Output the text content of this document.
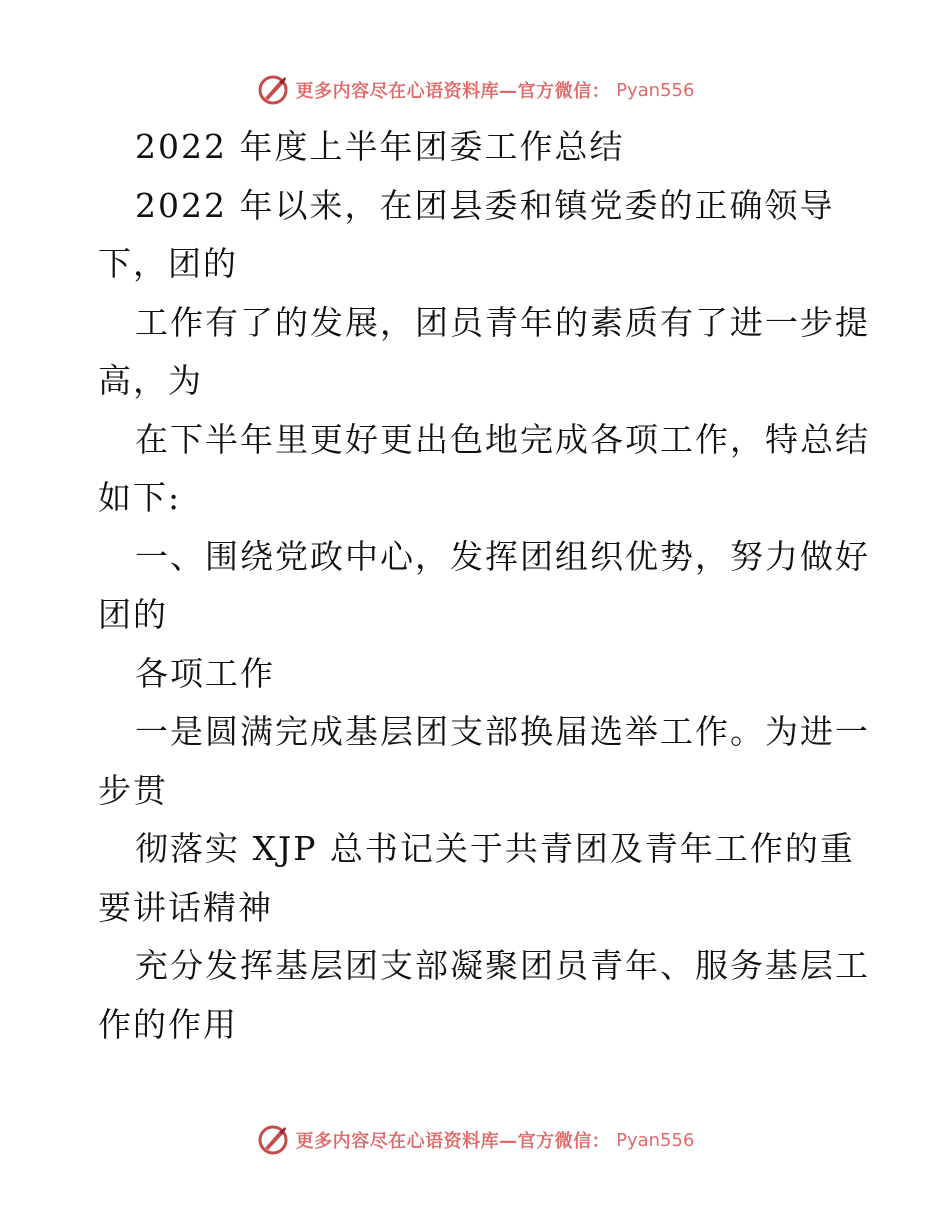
更多内容尽在心语资料库—官方微信： Pyan556
2022 年度上半年团委工作总结
2022 年以来，在团县委和镇党委的正确领导
下，团的
工作有了的发展，团员青年的素质有了进一步提
高，为
在下半年里更好更出色地完成各项工作，特总结
如下:
一、围绕党政中心，发挥团组织优势，努力做好
团的
各项工作
一是圆满完成基层团支部换届选举工作。为进一
步贯
彻落实 XJP 总书记关于共青团及青年工作的重
要讲话精神
充分发挥基层团支部凝聚团员青年、服务基层工
作的作用
更多内容尽在心语资料库—官方微信： Pyan556
